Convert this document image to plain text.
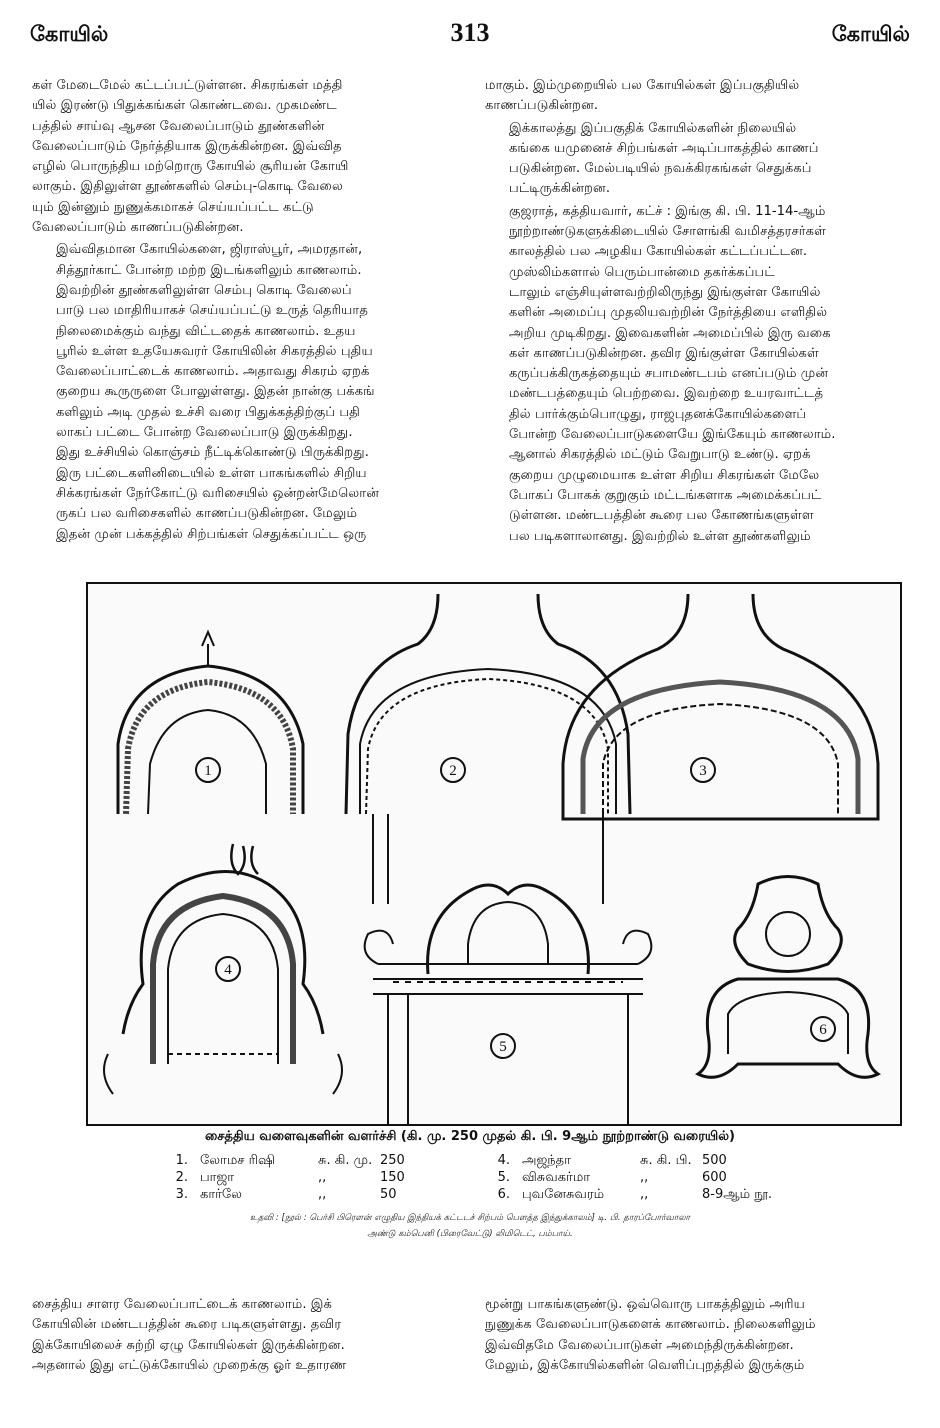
கோயில்	313	கோயில்

கள் மேடைமேல் கட்டப்பட்டுள்ளன. சிகரங்கள் மத்தி
யில் இரண்டு பிதுக்கங்கள் கொண்டவை. முகமண்ட
பத்தில் சாய்வு ஆசன வேலைப்பாடும் தூண்களின்
வேலைப்பாடும் நேர்த்தியாக இருக்கின்றன. இவ்வித
எழில் பொருந்திய மற்றொரு கோயில் சூரியன் கோயி
லாகும். இதிலுள்ள தூண்களில் செம்பு-கொடி வேலை
யும் இன்னும் நுணுக்கமாகச் செய்யப்பட்ட கட்டு
வேலைப்பாடும் காணப்படுகின்றன.

இவ்விதமான கோயில்களை, ஜிராஸ்பூர், அமரதான்,
சித்தூர்காட் போன்ற மற்ற இடங்களிலும் காணலாம்.
இவற்றின் தூண்களிலுள்ள செம்பு கொடி வேலைப்
பாடு பல மாதிரியாகச் செய்யப்பட்டு உருத் தெரியாத
நிலைமைக்கும் வந்து விட்டதைக் காணலாம். உதய
பூரில் உள்ள உதயேசுவரர் கோயிலின் சிகரத்தில் புதிய
வேலைப்பாட்டைக் காணலாம். அதாவது சிகரம் ஏறக்
குறைய கூருருளை போலுள்ளது. இதன் நான்கு பக்கங்
களிலும் அடி முதல் உச்சி வரை பிதுக்கத்திற்குப் பதி
லாகப் பட்டை போன்ற வேலைப்பாடு இருக்கிறது.
இது உச்சியில் கொஞ்சம் நீட்டிக்கொண்டு பிருக்கிறது.
இரு பட்டைகளினிடையில் உள்ள பாகங்களில் சிறிய
சிக்கரங்கள் நேர்கோட்டு வரிசையில் ஒன்றன்மேலொன்
ருகப் பல வரிசைகளில் காணப்படுகின்றன. மேலும்
இதன் முன் பக்கத்தில் சிற்பங்கள் செதுக்கப்பட்ட ஒரு

மாகும். இம்முறையில் பல கோயில்கள் இப்பகுதியில்
காணப்படுகின்றன.

இக்காலத்து இப்பகுதிக் கோயில்களின் நிலையில்
கங்கை யமுனைச் சிற்பங்கள் அடிப்பாகத்தில் காணப்
படுகின்றன. மேல்படியில் நவக்கிரகங்கள் செதுக்கப்
பட்டிருக்கின்றன.

குஜராத், கத்தியவார், கட்ச் : இங்கு கி. பி. 11-14-ஆம்
நூற்றாண்டுகளுக்கிடையில் சோளங்கி வமிசத்தரசர்கள்
காலத்தில் பல அழகிய கோயில்கள் கட்டப்பட்டன.
முஸ்லிம்களால் பெரும்பான்மை தகர்க்கப்பட்
டாலும் எஞ்சியுள்ளவற்றிலிருந்து இங்குள்ள கோயில்
களின் அமைப்பு முதலியவற்றின் நேர்த்தியை எளிதில்
அறிய முடிகிறது. இவைகளின் அமைப்பில் இரு வகை
கள் காணப்படுகின்றன. தவிர இங்குள்ள கோயில்கள்
கருப்பக்கிருகத்தையும் சபாமண்டபம் எனப்படும் முன்
மண்டபத்தையும் பெற்றவை. இவற்றை உயரவாட்டத்
தில் பார்க்கும்பொழுது, ராஜபுதனக்கோயில்களைப்
போன்ற வேலைப்பாடுகளையே இங்கேயும் காணலாம்.
ஆனால் சிகரத்தில் மட்டும் வேறுபாடு உண்டு. ஏறக்
குறைய முழுமையாக உள்ள சிறிய சிகரங்கள் மேலே
போகப் போகக் குறுகும் மட்டங்களாக அமைக்கப்பட்
டுள்ளன. மண்டபத்தின் கூரை பல கோணங்களுள்ள
பல படிகளாலானது. இவற்றில் உள்ள தூண்களிலும்

1	2	3
4
5
6
சைத்திய வளைவுகளின் வளர்ச்சி (கி. மு. 250 முதல் கி. பி. 9ஆம் நூற்றாண்டு வரையில்)
1. லோமச ரிஷி	சு. கி. மு. 250
2. பாஜா	,,	150
3. கார்லே	,,	50
4. அஜந்தா	சு. கி. பி. 500
5. விசுவகர்மா	,,	600
6. புவனேசுவரம்	,,	8-9ஆம் நூ.
உதவி : [நூல் : பெர்சி பிரௌன் எழுதிய இந்தியக் கட்டடச் சிற்பம் பௌத்த இந்துக்காலம்] டி. பி. தாரப்போர்வாலா
அண்டு கம்பெனி (பிரைவேட்டு) லிமிடெட், பம்பாய்.

சைத்திய சாளர வேலைப்பாட்டைக் காணலாம். இக்
கோயிலின் மண்டபத்தின் கூரை படிகளுள்ளது. தவிர
இக்கோயிலைச் சுற்றி ஏழு கோயில்கள் இருக்கின்றன.
அதனால் இது எட்டுக்கோயில் முறைக்கு ஓர் உதாரண

மூன்று பாகங்களுண்டு. ஒவ்வொரு பாகத்திலும் அரிய
நுணுக்க வேலைப்பாடுகளைக் காணலாம். நிலைகளிலும்
இவ்விதமே வேலைப்பாடுகள் அமைந்திருக்கின்றன.
மேலும், இக்கோயில்களின் வெளிப்புறத்தில் இருக்கும்
